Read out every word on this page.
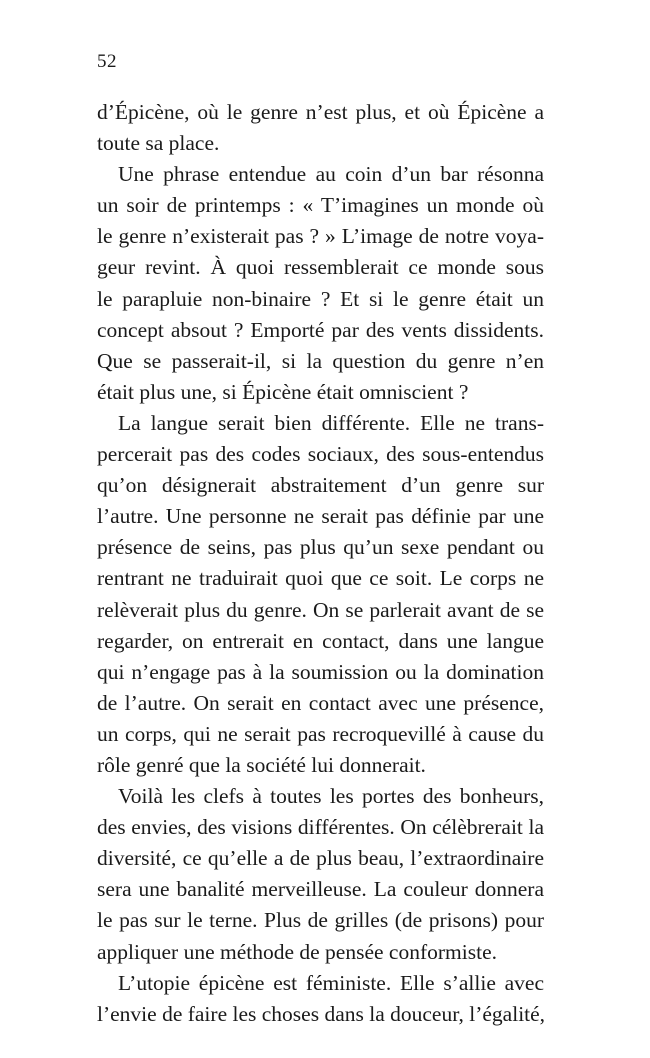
52
d’Épicène, où le genre n’est plus, et où Épicène a
toute sa place.
Une phrase entendue au coin d’un bar résonna
un soir de printemps : « T’imagines un monde où
le genre n’existerait pas ? » L’image de notre voya-
geur revint. À quoi ressemblerait ce monde sous
le parapluie non-binaire ? Et si le genre était un
concept absout ? Emporté par des vents dissidents.
Que se passerait-il, si la question du genre n’en
était plus une, si Épicène était omniscient ?
La langue serait bien différente. Elle ne trans-
percerait pas des codes sociaux, des sous-entendus
qu’on désignerait abstraitement d’un genre sur
l’autre. Une personne ne serait pas définie par une
présence de seins, pas plus qu’un sexe pendant ou
rentrant ne traduirait quoi que ce soit. Le corps ne
relèverait plus du genre. On se parlerait avant de se
regarder, on entrerait en contact, dans une langue
qui n’engage pas à la soumission ou la domination
de l’autre. On serait en contact avec une présence,
un corps, qui ne serait pas recroquevillé à cause du
rôle genré que la société lui donnerait.
Voilà les clefs à toutes les portes des bonheurs,
des envies, des visions différentes. On célèbrerait la
diversité, ce qu’elle a de plus beau, l’extraordinaire
sera une banalité merveilleuse. La couleur donnera
le pas sur le terne. Plus de grilles (de prisons) pour
appliquer une méthode de pensée conformiste.
L’utopie épicène est féministe. Elle s’allie avec
l’envie de faire les choses dans la douceur, l’égalité,
